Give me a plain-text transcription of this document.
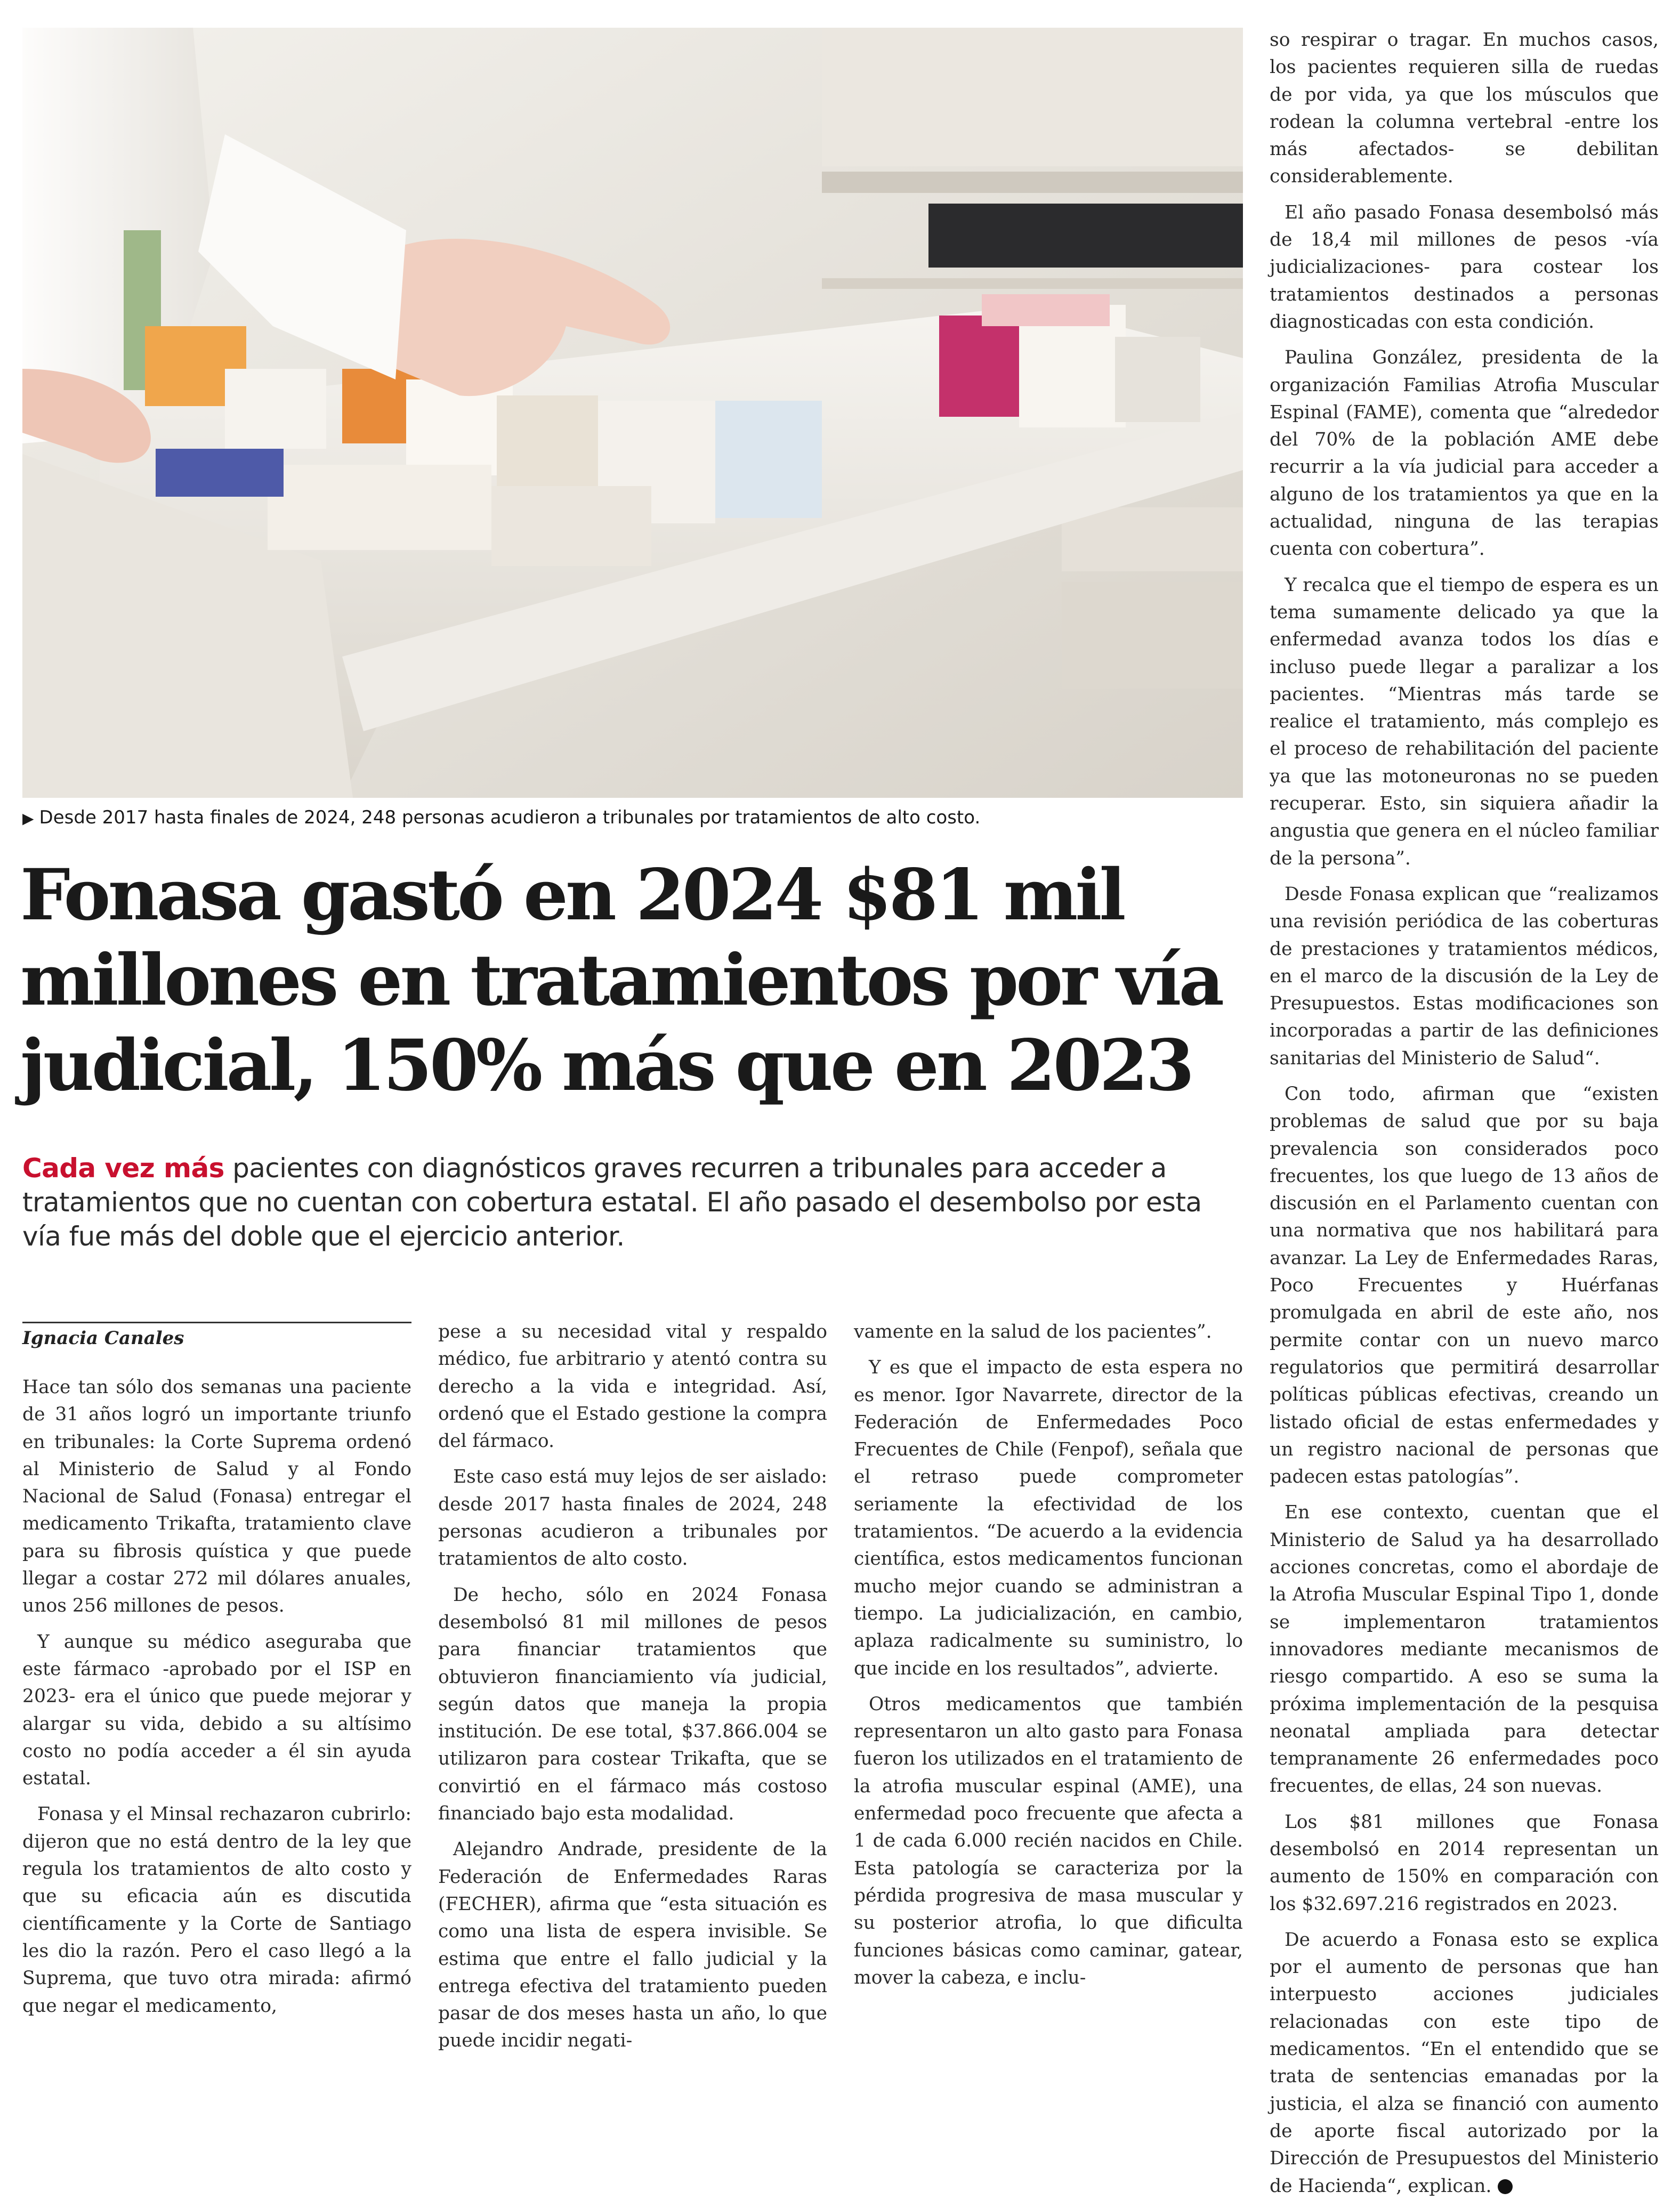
▶ Desde 2017 hasta finales de 2024, 248 personas acudieron a tribunales por tratamientos de alto costo.
Fonasa gastó en 2024 $81 mil millones en tratamientos por vía judicial, 150% más que en 2023

Cada vez más pacientes con diagnósticos graves recurren a tribunales para acceder a tratamientos que no cuentan con cobertura estatal. El año pasado el desembolso por esta vía fue más del doble que el ejercicio anterior.

Ignacia Canales

Hace tan sólo dos semanas una paciente de 31 años logró un importante triunfo en tribunales: la Corte Suprema ordenó al Ministerio de Salud y al Fondo Nacional de Salud (Fonasa) entregar el medicamento Trikafta, tratamiento clave para su fibrosis quística y que puede llegar a costar 272 mil dólares anuales, unos 256 millones de pesos.

Y aunque su médico aseguraba que este fármaco -aprobado por el ISP en 2023- era el único que puede mejorar y alargar su vida, debido a su altísimo costo no podía acceder a él sin ayuda estatal.

Fonasa y el Minsal rechazaron cubrirlo: dijeron que no está dentro de la ley que regula los tratamientos de alto costo y que su eficacia aún es discutida científicamente y la Corte de Santiago les dio la razón. Pero el caso llegó a la Suprema, que tuvo otra mirada: afirmó que negar el medicamento,

pese a su necesidad vital y respaldo médico, fue arbitrario y atentó contra su derecho a la vida e integridad. Así, ordenó que el Estado gestione la compra del fármaco.

Este caso está muy lejos de ser aislado: desde 2017 hasta finales de 2024, 248 personas acudieron a tribunales por tratamientos de alto costo.

De hecho, sólo en 2024 Fonasa desembolsó 81 mil millones de pesos para financiar tratamientos que obtuvieron financiamiento vía judicial, según datos que maneja la propia institución. De ese total, $37.866.004 se utilizaron para costear Trikafta, que se convirtió en el fármaco más costoso financiado bajo esta modalidad.

Alejandro Andrade, presidente de la Federación de Enfermedades Raras (FECHER), afirma que “esta situación es como una lista de espera invisible. Se estima que entre el fallo judicial y la entrega efectiva del tratamiento pueden pasar de dos meses hasta un año, lo que puede incidir negati-

vamente en la salud de los pacientes”.

Y es que el impacto de esta espera no es menor. Igor Navarrete, director de la Federación de Enfermedades Poco Frecuentes de Chile (Fenpof), señala que el retraso puede comprometer seriamente la efectividad de los tratamientos. “De acuerdo a la evidencia científica, estos medicamentos funcionan mucho mejor cuando se administran a tiempo. La judicialización, en cambio, aplaza radicalmente su suministro, lo que incide en los resultados”, advierte.

Otros medicamentos que también representaron un alto gasto para Fonasa fueron los utilizados en el tratamiento de la atrofia muscular espinal (AME), una enfermedad poco frecuente que afecta a 1 de cada 6.000 recién nacidos en Chile. Esta patología se caracteriza por la pérdida progresiva de masa muscular y su posterior atrofia, lo que dificulta funciones básicas como caminar, gatear, mover la cabeza, e inclu-

so respirar o tragar. En muchos casos, los pacientes requieren silla de ruedas de por vida, ya que los músculos que rodean la columna vertebral -entre los más afectados- se debilitan considerablemente.

El año pasado Fonasa desembolsó más de 18,4 mil millones de pesos -vía judicializaciones- para costear los tratamientos destinados a personas diagnosticadas con esta condición.

Paulina González, presidenta de la organización Familias Atrofia Muscular Espinal (FAME), comenta que “alrededor del 70% de la población AME debe recurrir a la vía judicial para acceder a alguno de los tratamientos ya que en la actualidad, ninguna de las terapias cuenta con cobertura”.

Y recalca que el tiempo de espera es un tema sumamente delicado ya que la enfermedad avanza todos los días e incluso puede llegar a paralizar a los pacientes. “Mientras más tarde se realice el tratamiento, más complejo es el proceso de rehabilitación del paciente ya que las motoneuronas no se pueden recuperar. Esto, sin siquiera añadir la angustia que genera en el núcleo familiar de la persona”.

Desde Fonasa explican que “realizamos una revisión periódica de las coberturas de prestaciones y tratamientos médicos, en el marco de la discusión de la Ley de Presupuestos. Estas modificaciones son incorporadas a partir de las definiciones sanitarias del Ministerio de Salud“.

Con todo, afirman que “existen problemas de salud que por su baja prevalencia son considerados poco frecuentes, los que luego de 13 años de discusión en el Parlamento cuentan con una normativa que nos habilitará para avanzar. La Ley de Enfermedades Raras, Poco Frecuentes y Huérfanas promulgada en abril de este año, nos permite contar con un nuevo marco regulatorios que permitirá desarrollar políticas públicas efectivas, creando un listado oficial de estas enfermedades y un registro nacional de personas que padecen estas patologías”.

En ese contexto, cuentan que el Ministerio de Salud ya ha desarrollado acciones concretas, como el abordaje de la Atrofia Muscular Espinal Tipo 1, donde se implementaron tratamientos innovadores mediante mecanismos de riesgo compartido. A eso se suma la próxima implementación de la pesquisa neonatal ampliada para detectar tempranamente 26 enfermedades poco frecuentes, de ellas, 24 son nuevas.

Los $81 millones que Fonasa desembolsó en 2014 representan un aumento de 150% en comparación con los $32.697.216 registrados en 2023.

De acuerdo a Fonasa esto se explica por el aumento de personas que han interpuesto acciones judiciales relacionadas con este tipo de medicamentos. “En el entendido que se trata de sentencias emanadas por la justicia, el alza se financió con aumento de aporte fiscal autorizado por la Dirección de Presupuestos del Ministerio de Hacienda“, explican.
